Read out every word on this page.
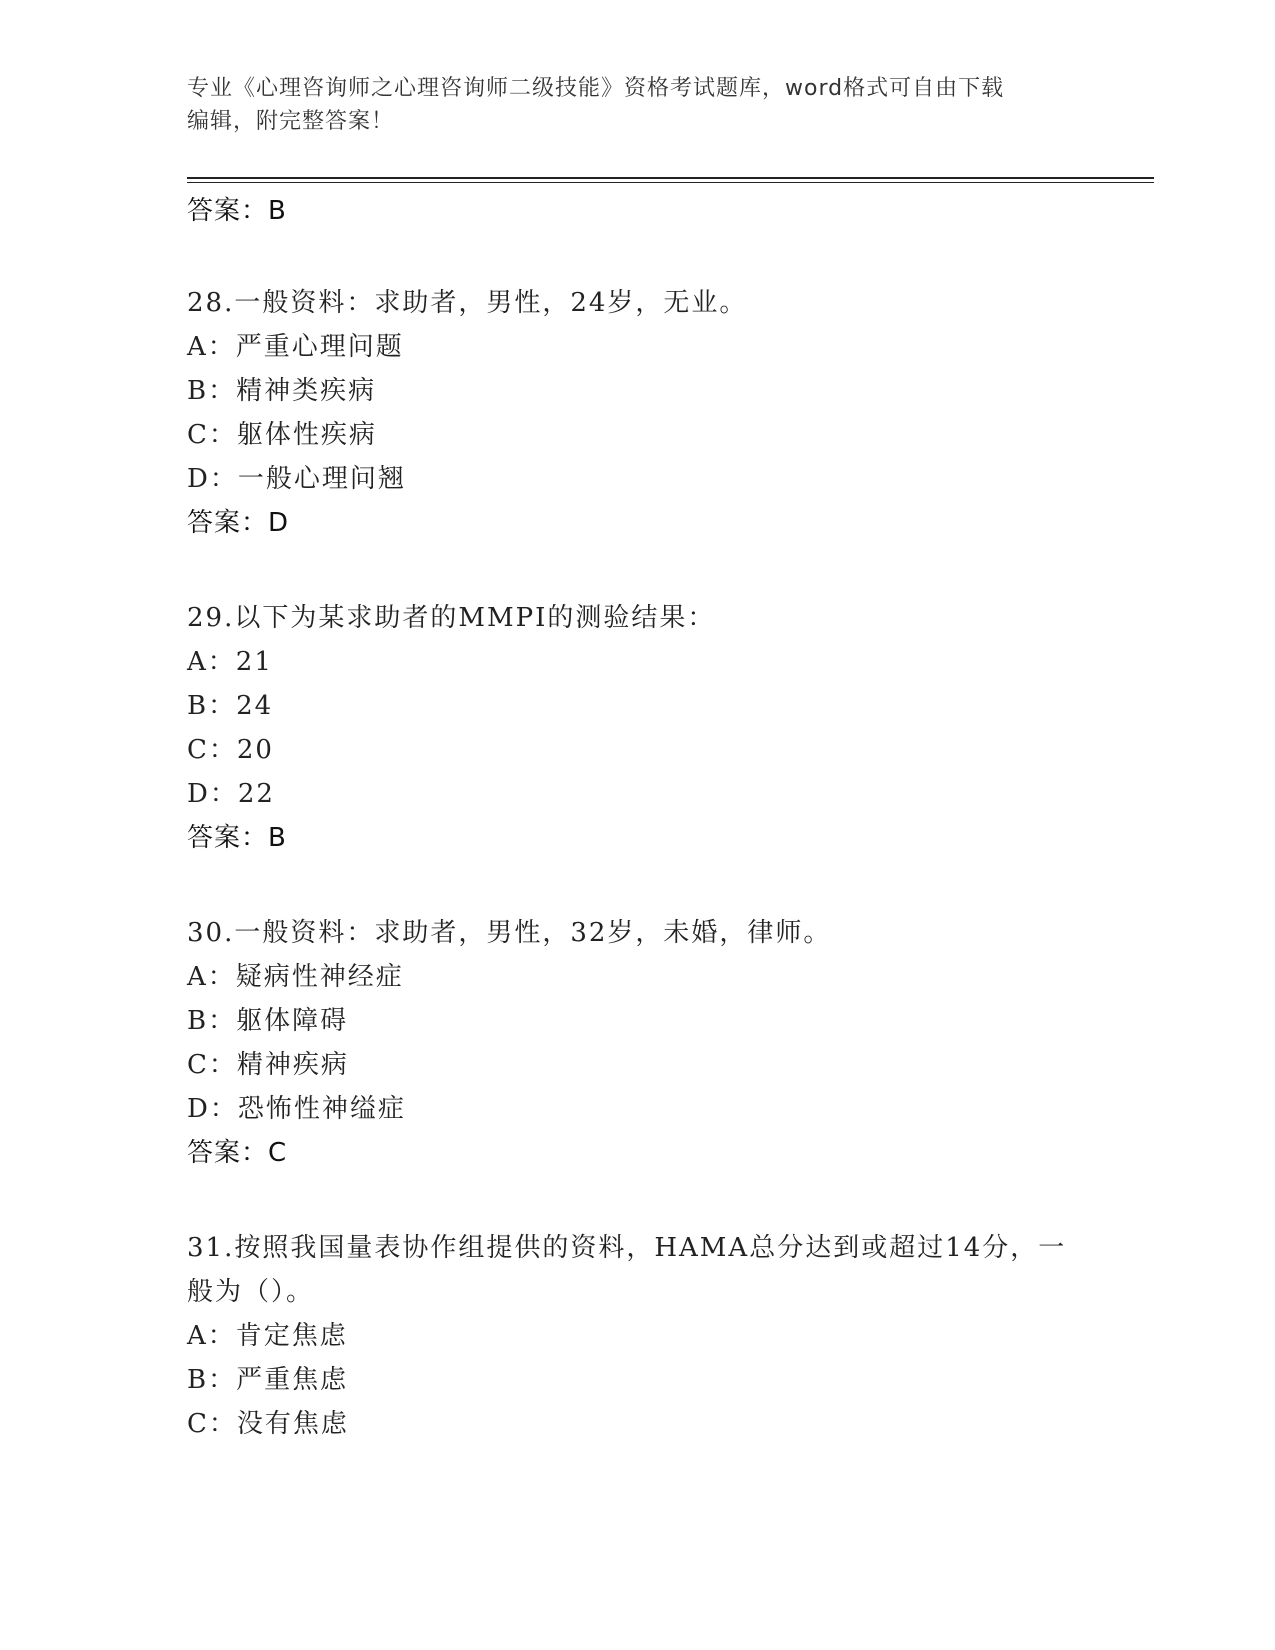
专业《心理咨询师之心理咨询师二级技能》资格考试题库，word格式可自由下载
编辑，附完整答案！
答案：B
28.一般资料：求助者，男性，24岁，无业。
A：严重心理问题
B：精神类疾病
C：躯体性疾病
D：一般心理问翘
答案：D
29.以下为某求助者的MMPI的测验结果：
A：21
B：24
C：20
D：22
答案：B
30.一般资料：求助者，男性，32岁，未婚，律师。
A：疑病性神经症
B：躯体障碍
C：精神疾病
D：恐怖性神缢症
答案：C
31.按照我国量表协作组提供的资料，HAMA总分达到或超过14分，一
般为（）。
A：肯定焦虑
B：严重焦虑
C：没有焦虑
